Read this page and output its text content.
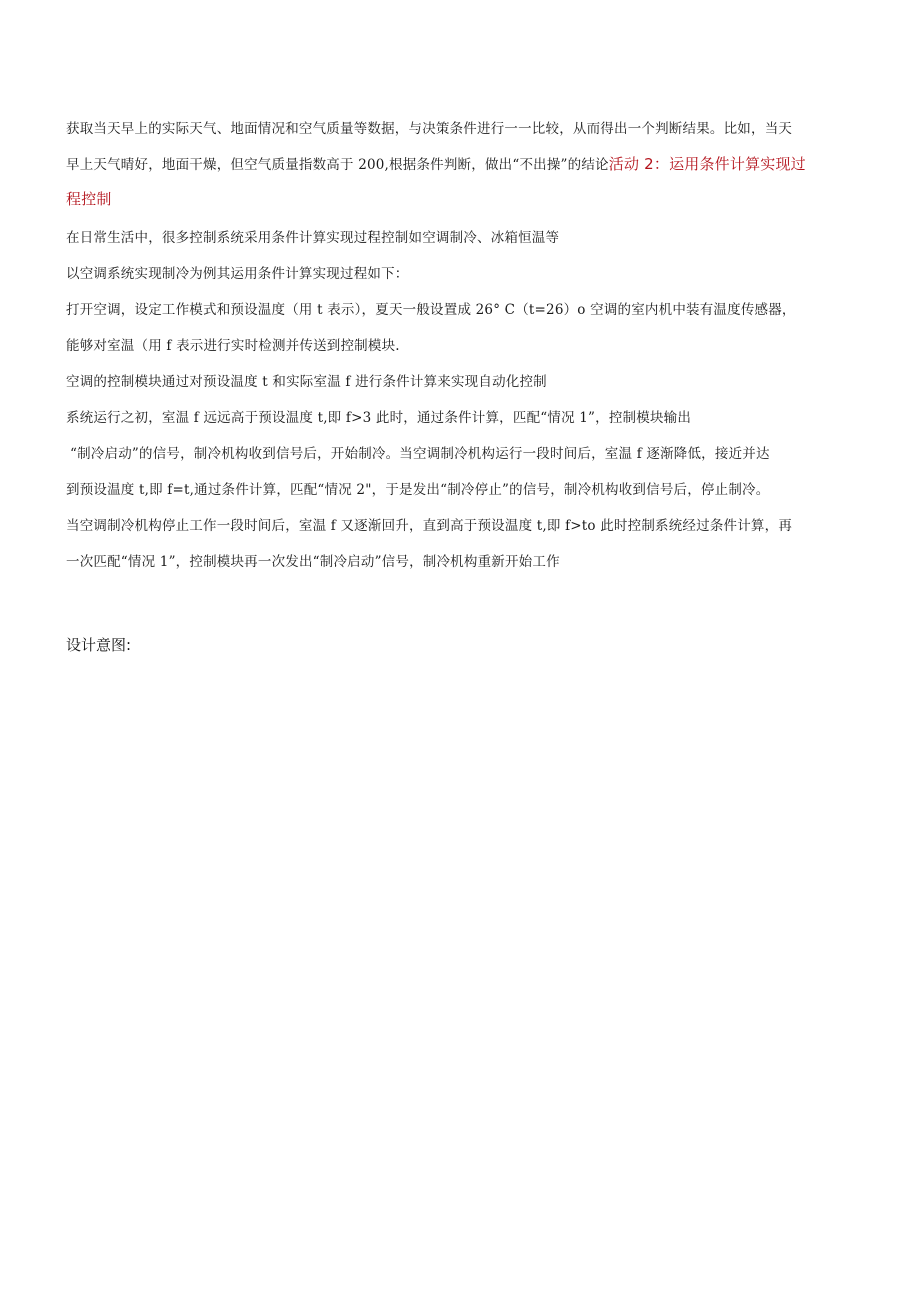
获取当天早上的实际天气、地面情况和空气质量等数据，与决策条件进行一一比较，从而得出一个判断结果。比如，当天
早上天气晴好，地面干燥，但空气质量指数高于 200,根据条件判断，做出“不出操”的结论活动 2：运用条件计算实现过
程控制
在日常生活中，很多控制系统采用条件计算实现过程控制如空调制冷、冰箱恒温等
以空调系统实现制冷为例其运用条件计算实现过程如下：
打开空调，设定工作模式和预设温度（用 t 表示），夏天一般设置成 26° C（t=26）o 空调的室内机中装有温度传感器，
能够对室温（用 f 表示进行实时检测并传送到控制模块.
空调的控制模块通过对预设温度 t 和实际室温 f 进行条件计算来实现自动化控制
系统运行之初，室温 f 远远高于预设温度 t,即 f>3 此时，通过条件计算，匹配“情况 1”，控制模块输出
“制冷启动”的信号，制冷机构收到信号后，开始制冷。当空调制冷机构运行一段时间后，室温 f 逐渐降低，接近并达
到预设温度 t,即 f=t,通过条件计算，匹配“情况 2"，于是发出“制冷停止”的信号，制冷机构收到信号后，停止制冷。
当空调制冷机构停止工作一段时间后，室温 f 又逐渐回升，直到高于预设温度 t,即 f>to 此时控制系统经过条件计算，再
一次匹配“情况 1”，控制模块再一次发出“制冷启动”信号，制冷机构重新开始工作
设计意图:
